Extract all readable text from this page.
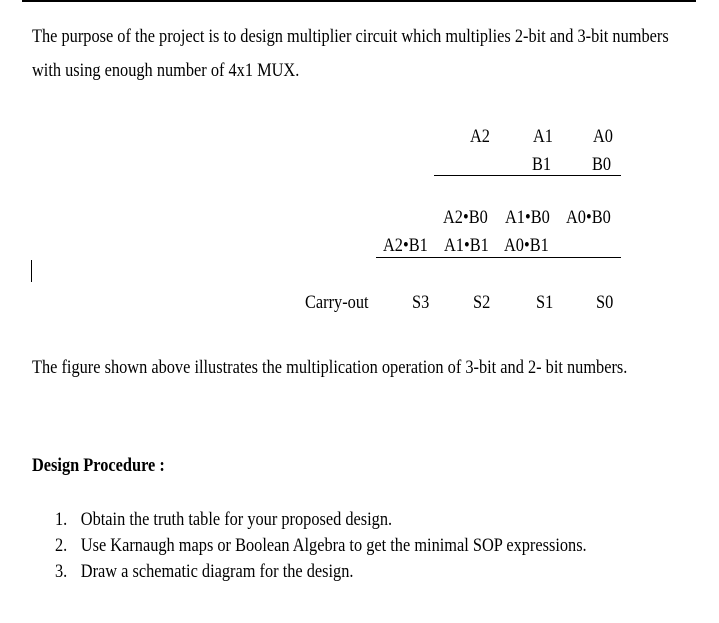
The purpose of the project is to design multiplier circuit which multiplies 2-bit and 3-bit numbers
with using enough number of 4x1 MUX.
A2 A1 A0
B1 B0
A2•B0 A1•B0 A0•B0
A2•B1 A1•B1 A0•B1
Carry-out S3 S2 S1 S0
The figure shown above illustrates the multiplication operation of 3-bit and 2- bit numbers.
Design Procedure :
1. Obtain the truth table for your proposed design.
2. Use Karnaugh maps or Boolean Algebra to get the minimal SOP expressions.
3. Draw a schematic diagram for the design.
